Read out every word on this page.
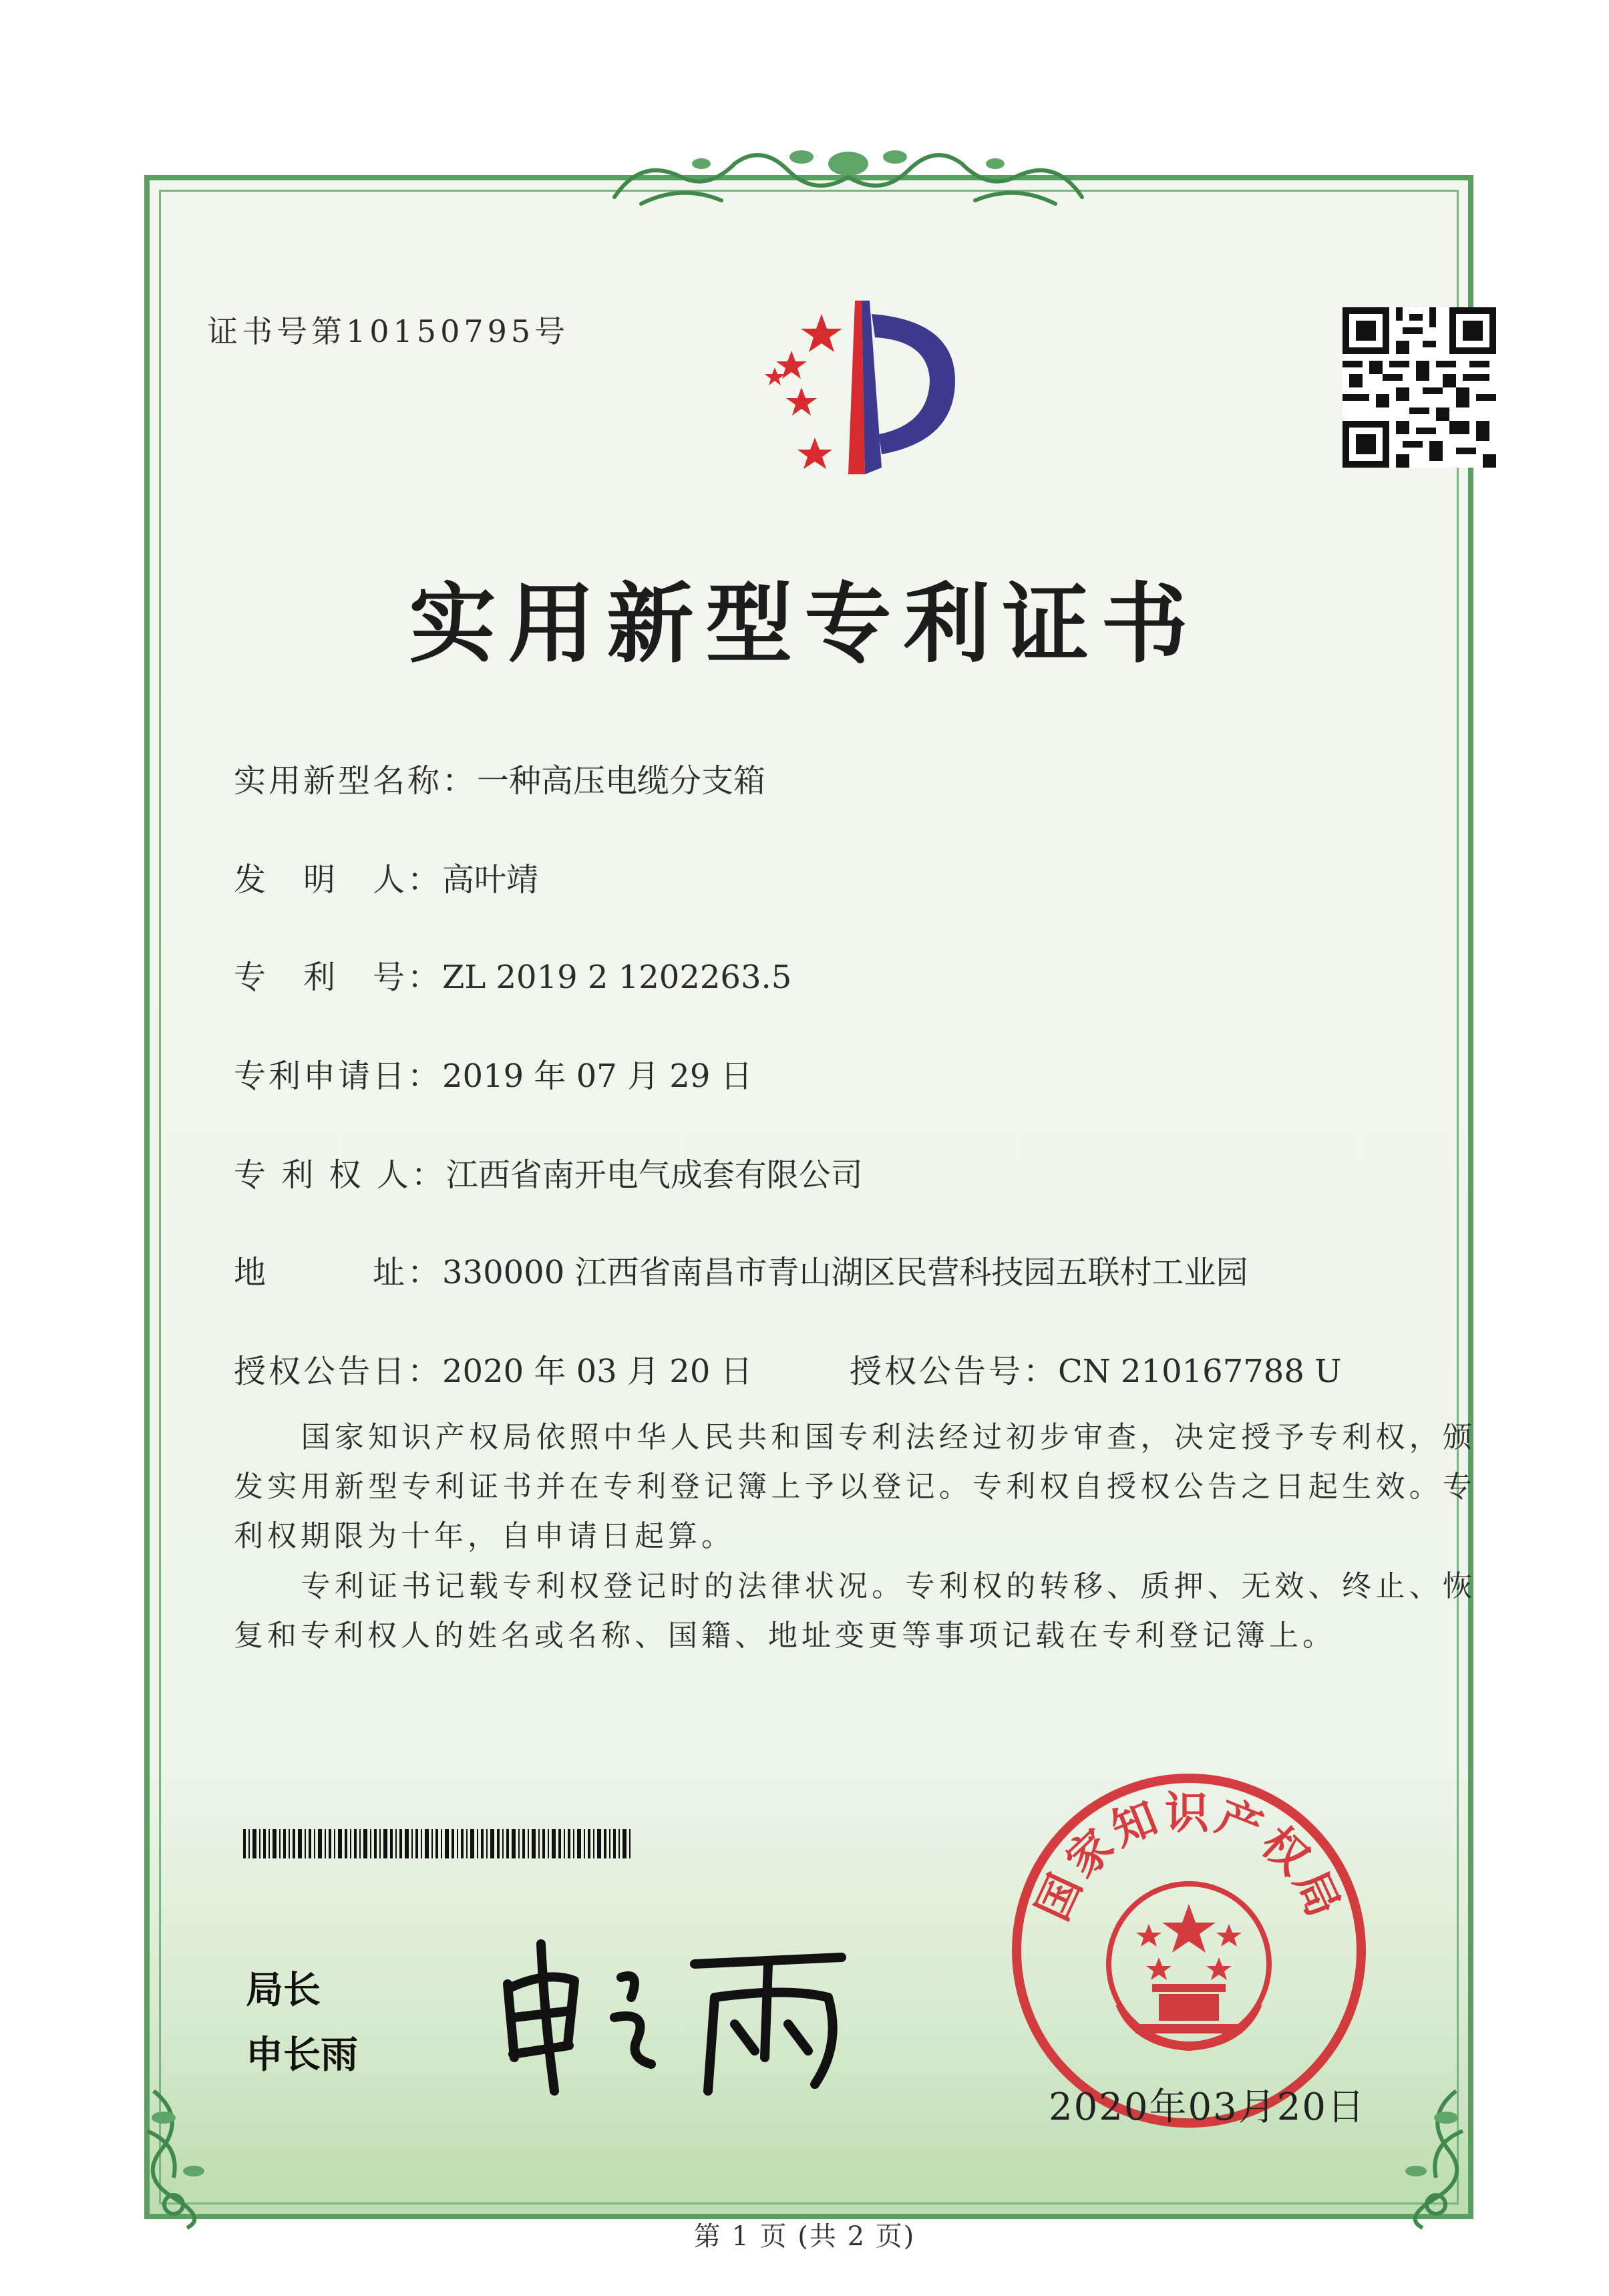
证书号第10150795号
实用新型专利证书
实用新型名称：一种高压电缆分支箱
发　明　人：高叶靖
专　利　号：ZL 2019 2 1202263.5
专利申请日：2019 年 07 月 29 日
专 利 权 人：江西省南开电气成套有限公司
地　　　址：330000 江西省南昌市青山湖区民营科技园五联村工业园
授权公告日：2020 年 03 月 20 日	授权公告号：CN 210167788 U
　　国家知识产权局依照中华人民共和国专利法经过初步审查，决定授予专利权，颁发实用新型专利证书并在专利登记簿上予以登记。专利权自授权公告之日起生效。专利权期限为十年，自申请日起算。
　　专利证书记载专利权登记时的法律状况。专利权的转移、质押、无效、终止、恢复和专利权人的姓名或名称、国籍、地址变更等事项记载在专利登记簿上。
局长
申长雨
国家知识产权局
2020年03月20日
第 1 页 (共 2 页)
